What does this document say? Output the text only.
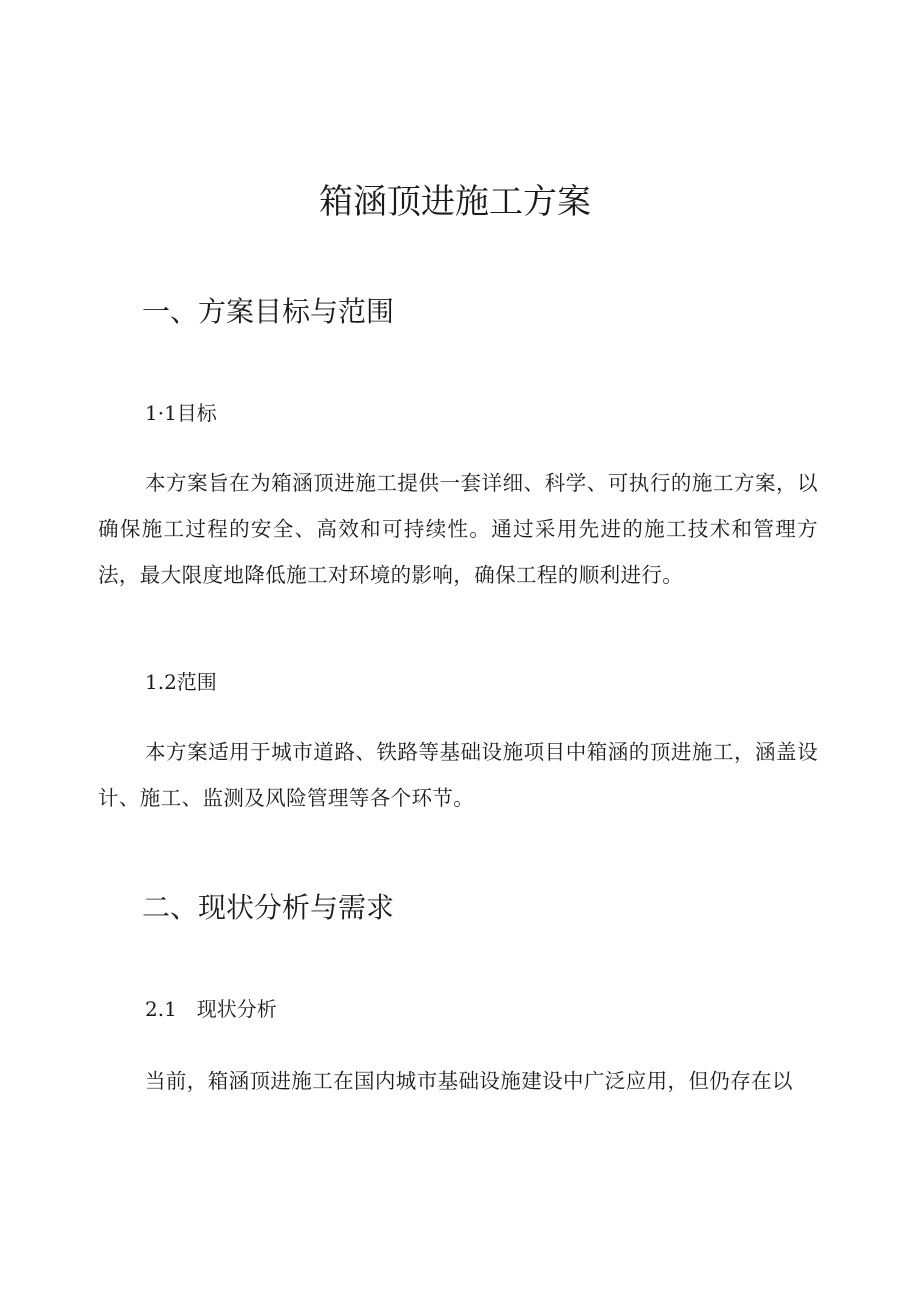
箱涵顶进施工方案
一、方案目标与范围
1·1目标

本方案旨在为箱涵顶进施工提供一套详细、科学、可执行的施工方案，以确保施工过程的安全、高效和可持续性。通过采用先进的施工技术和管理方法，最大限度地降低施工对环境的影响，确保工程的顺利进行。

1.2范围

本方案适用于城市道路、铁路等基础设施项目中箱涵的顶进施工，涵盖设计、施工、监测及风险管理等各个环节。

二、现状分析与需求
2.1　现状分析

当前，箱涵顶进施工在国内城市基础设施建设中广泛应用，但仍存在以
